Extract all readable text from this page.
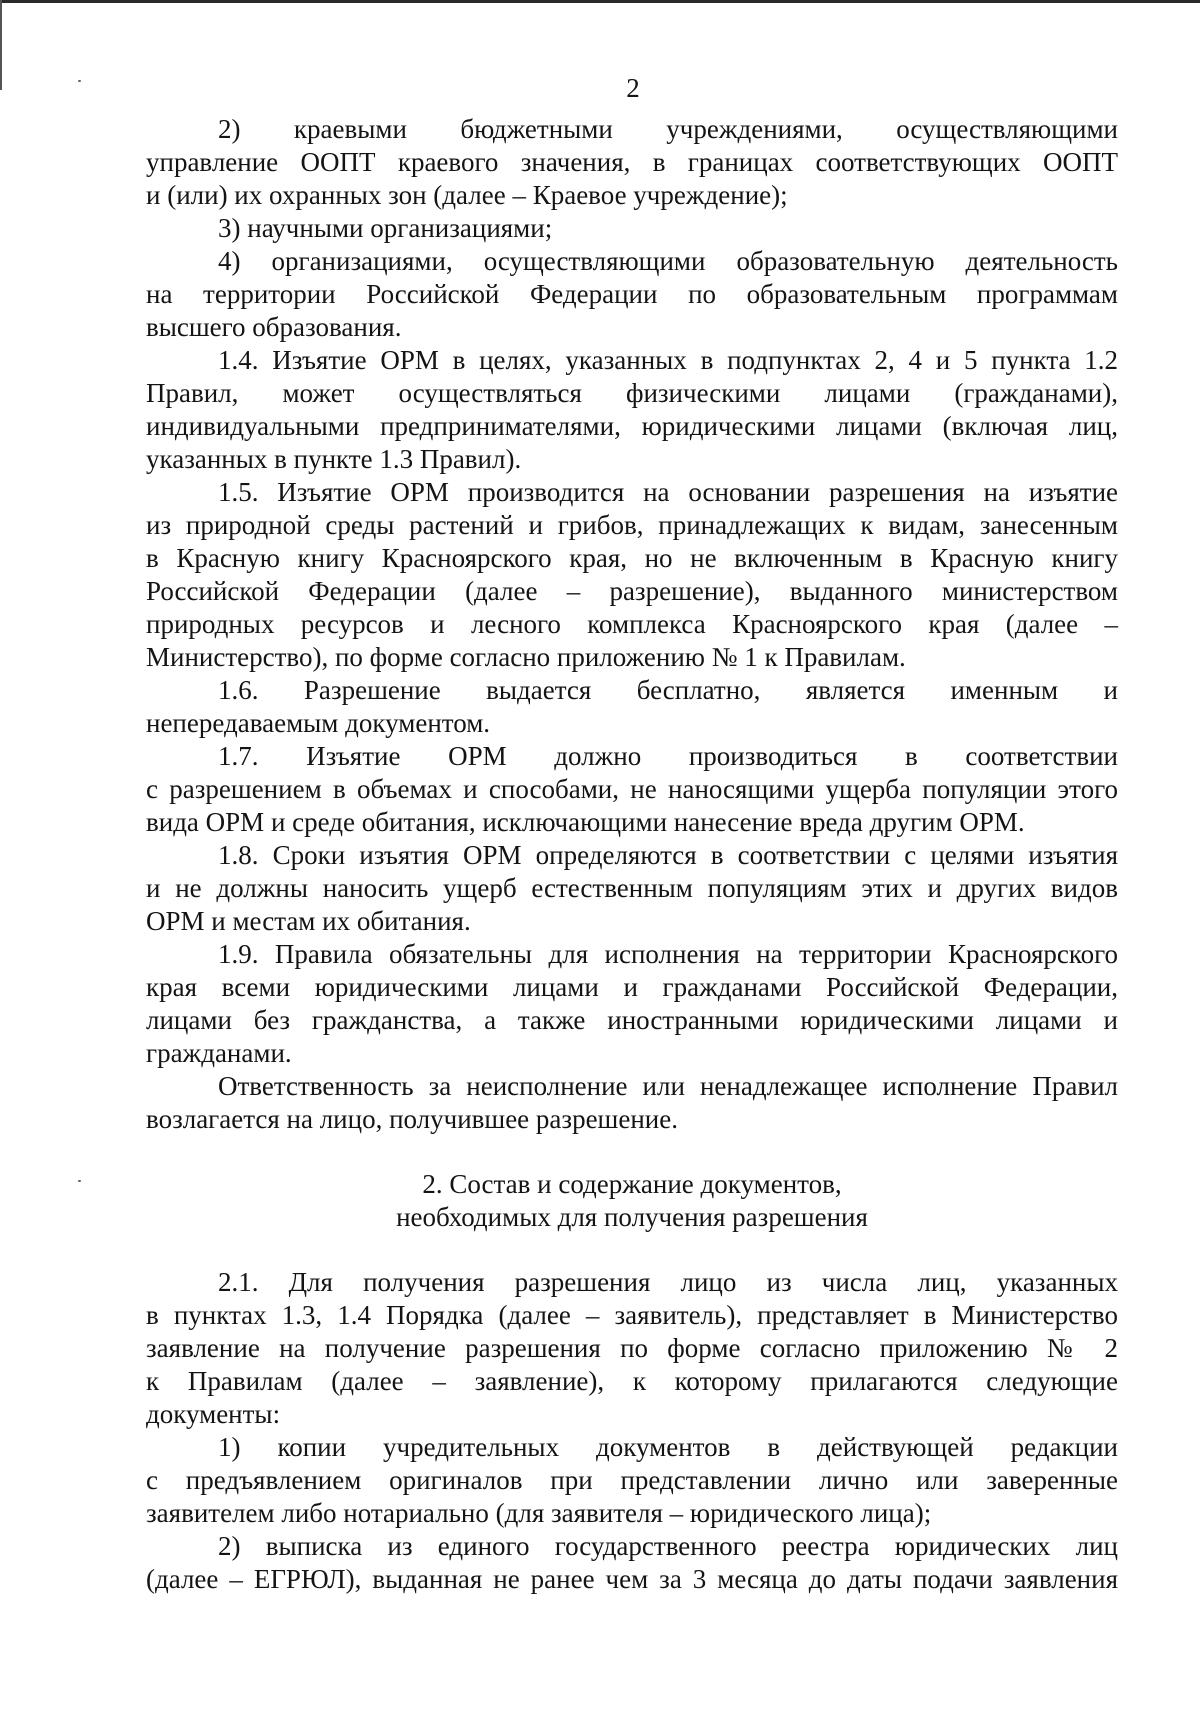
2
2) краевыми бюджетными учреждениями, осуществляющими
управление ООПТ краевого значения, в границах соответствующих ООПТ
и (или) их охранных зон (далее – Краевое учреждение);
3) научными организациями;
4) организациями, осуществляющими образовательную деятельность
на территории Российской Федерации по образовательным программам
высшего образования.
1.4. Изъятие ОРМ в целях, указанных в подпунктах 2, 4 и 5 пункта 1.2
Правил, может осуществляться физическими лицами (гражданами),
индивидуальными предпринимателями, юридическими лицами (включая лиц,
указанных в пункте 1.3 Правил).
1.5. Изъятие ОРМ производится на основании разрешения на изъятие
из природной среды растений и грибов, принадлежащих к видам, занесенным
в Красную книгу Красноярского края, но не включенным в Красную книгу
Российской Федерации (далее – разрешение), выданного министерством
природных ресурсов и лесного комплекса Красноярского края (далее –
Министерство), по форме согласно приложению № 1 к Правилам.
1.6. Разрешение выдается бесплатно, является именным и
непередаваемым документом.
1.7. Изъятие ОРМ должно производиться в соответствии
с разрешением в объемах и способами, не наносящими ущерба популяции этого
вида ОРМ и среде обитания, исключающими нанесение вреда другим ОРМ.
1.8. Сроки изъятия ОРМ определяются в соответствии с целями изъятия
и не должны наносить ущерб естественным популяциям этих и других видов
ОРМ и местам их обитания.
1.9. Правила обязательны для исполнения на территории Красноярского
края всеми юридическими лицами и гражданами Российской Федерации,
лицами без гражданства, а также иностранными юридическими лицами и
гражданами.
Ответственность за неисполнение или ненадлежащее исполнение Правил
возлагается на лицо, получившее разрешение.
2. Состав и содержание документов,
необходимых для получения разрешения
2.1. Для получения разрешения лицо из числа лиц, указанных
в пунктах 1.3, 1.4 Порядка (далее – заявитель), представляет в Министерство
заявление на получение разрешения по форме согласно приложению № 2
к Правилам (далее – заявление), к которому прилагаются следующие
документы:
1) копии учредительных документов в действующей редакции
с предъявлением оригиналов при представлении лично или заверенные
заявителем либо нотариально (для заявителя – юридического лица);
2) выписка из единого государственного реестра юридических лиц
(далее – ЕГРЮЛ), выданная не ранее чем за 3 месяца до даты подачи заявления
